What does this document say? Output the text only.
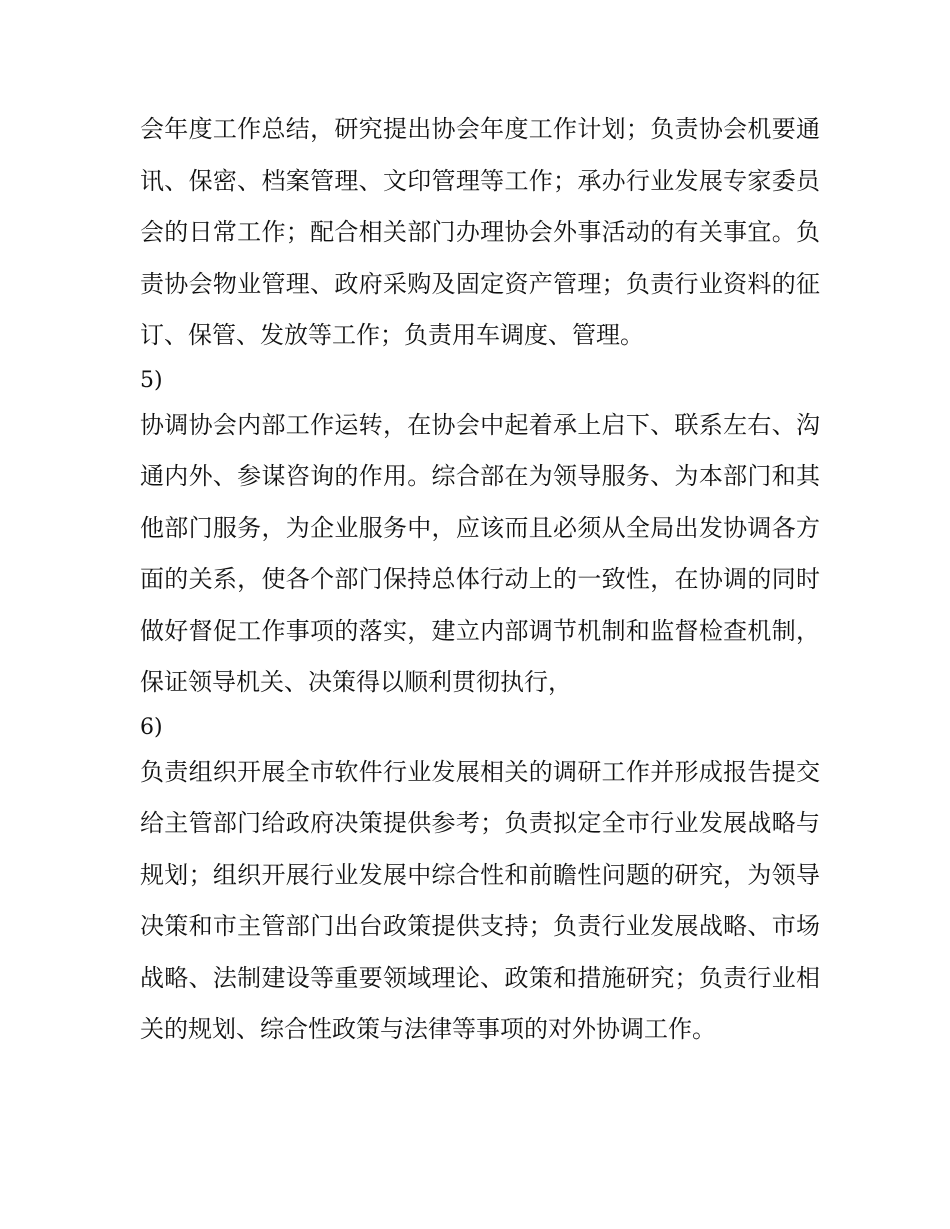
会年度工作总结，研究提出协会年度工作计划；负责协会机要通讯、保密、档案管理、文印管理等工作；承办行业发展专家委员会的日常工作；配合相关部门办理协会外事活动的有关事宜。负责协会物业管理、政府采购及固定资产管理；负责行业资料的征订、保管、发放等工作；负责用车调度、管理。

5)

协调协会内部工作运转，在协会中起着承上启下、联系左右、沟通内外、参谋咨询的作用。综合部在为领导服务、为本部门和其他部门服务，为企业服务中，应该而且必须从全局出发协调各方面的关系，使各个部门保持总体行动上的一致性，在协调的同时做好督促工作事项的落实，建立内部调节机制和监督检查机制，保证领导机关、决策得以顺利贯彻执行，

6)

负责组织开展全市软件行业发展相关的调研工作并形成报告提交给主管部门给政府决策提供参考；负责拟定全市行业发展战略与规划；组织开展行业发展中综合性和前瞻性问题的研究，为领导决策和市主管部门出台政策提供支持；负责行业发展战略、市场战略、法制建设等重要领域理论、政策和措施研究；负责行业相关的规划、综合性政策与法律等事项的对外协调工作。
